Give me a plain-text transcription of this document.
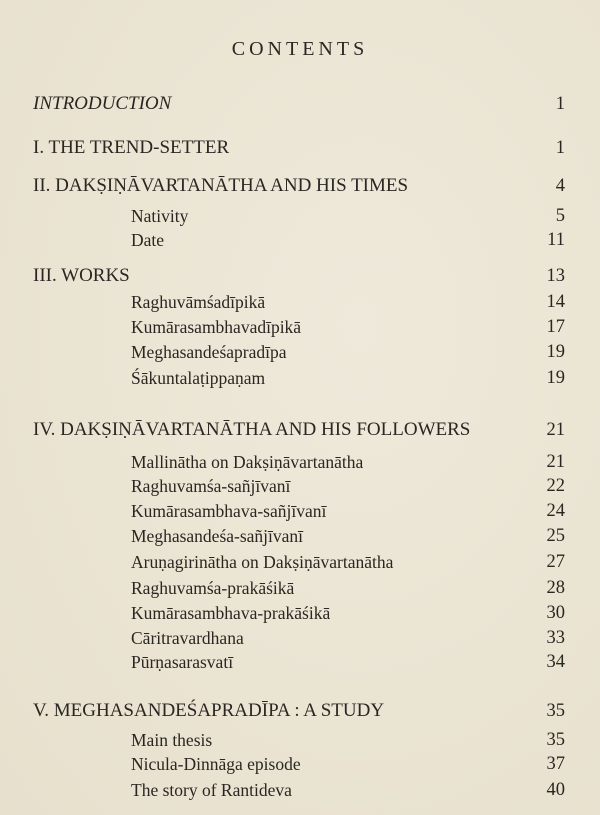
CONTENTS
INTRODUCTION	1
I. THE TREND-SETTER	1
II. DAKṢIṆĀVARTANĀTHA AND HIS TIMES	4
Nativity	5
Date	11
III. WORKS	13
Raghuvāmśadīpikā	14
Kumārasambhavadīpikā	17
Meghasandeśapradīpa	19
Śākuntalaṭippaṇam	19
IV. DAKṢIṆĀVARTANĀTHA AND HIS FOLLOWERS	21
Mallinātha on Dakṣiṇāvartanātha	21
Raghuvamśa-sañjīvanī	22
Kumārasambhava-sañjīvanī	24
Meghasandeśa-sañjīvanī	25
Aruṇagirinātha on Dakṣiṇāvartanātha	27
Raghuvamśa-prakāśikā	28
Kumārasambhava-prakāśikā	30
Cāritravardhana	33
Pūrṇasarasvatī	34
V. MEGHASANDEŚAPRADĪPA : A STUDY	35
Main thesis	35
Nicula-Dinnāga episode	37
The story of Rantideva	40
